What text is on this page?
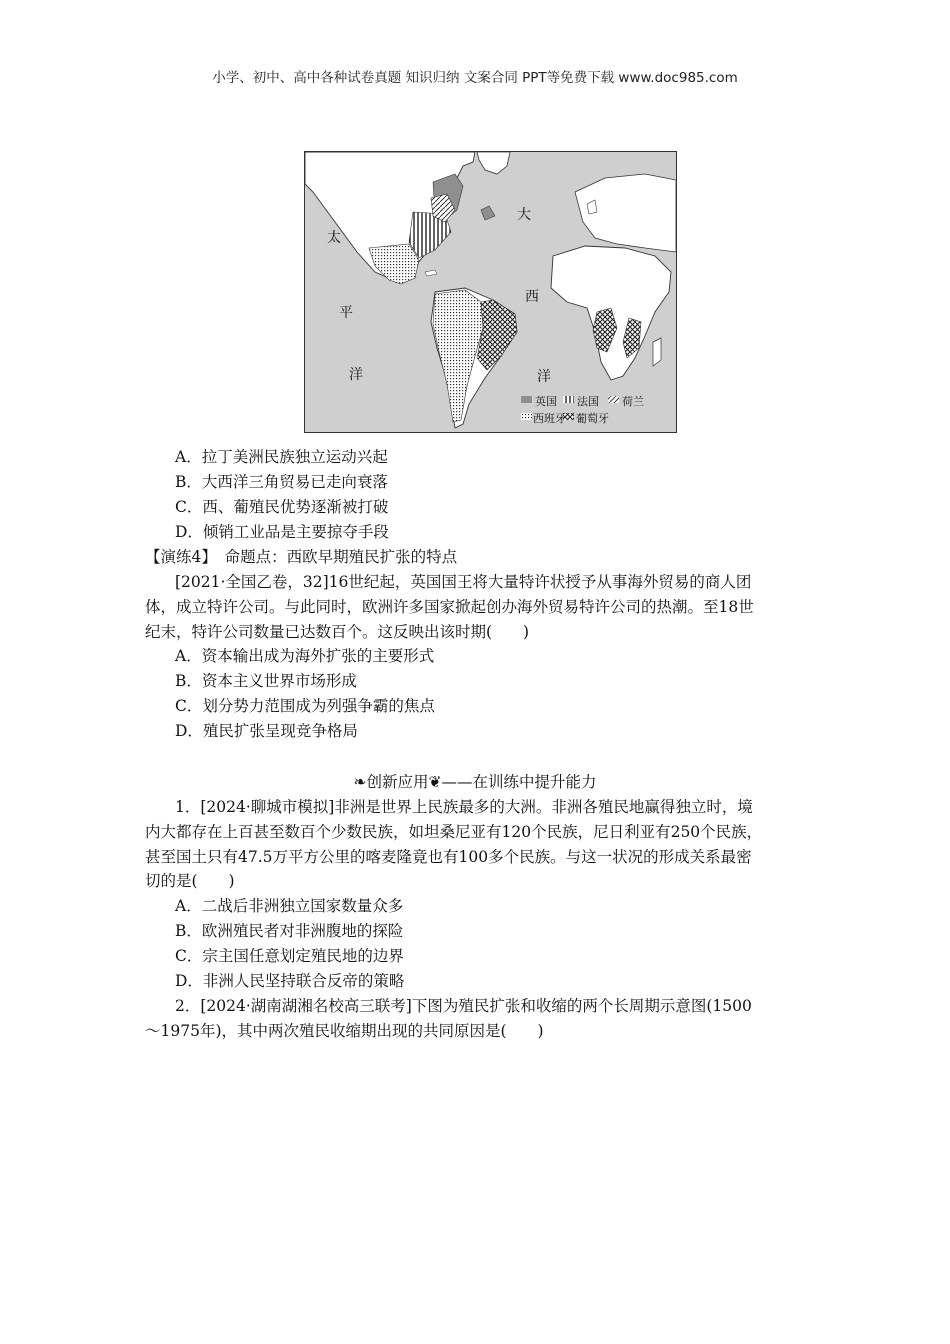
小学、初中、高中各种试卷真题 知识归纳 文案合同 PPT等免费下载 www.doc985.com
太
平
洋
大
西
洋
英国 法国 荷兰
西班牙 葡萄牙
A．拉丁美洲民族独立运动兴起
B．大西洋三角贸易已走向衰落
C．西、葡殖民优势逐渐被打破
D．倾销工业品是主要掠夺手段
【演练4】　命题点：西欧早期殖民扩张的特点
[2021·全国乙卷，32]16世纪起，英国国王将大量特许状授予从事海外贸易的商人团
体，成立特许公司。与此同时，欧洲许多国家掀起创办海外贸易特许公司的热潮。至18世
纪末，特许公司数量已达数百个。这反映出该时期(　　)
A．资本输出成为海外扩张的主要形式
B．资本主义世界市场形成
C．划分势力范围成为列强争霸的焦点
D．殖民扩张呈现竞争格局
❧创新应用❦——在训练中提升能力
1．[2024·聊城市模拟]非洲是世界上民族最多的大洲。非洲各殖民地赢得独立时，境
内大都存在上百甚至数百个少数民族，如坦桑尼亚有120个民族，尼日利亚有250个民族，
甚至国土只有47.5万平方公里的喀麦隆竟也有100多个民族。与这一状况的形成关系最密
切的是(　　)
A．二战后非洲独立国家数量众多
B．欧洲殖民者对非洲腹地的探险
C．宗主国任意划定殖民地的边界
D．非洲人民坚持联合反帝的策略
2．[2024·湖南湖湘名校高三联考]下图为殖民扩张和收缩的两个长周期示意图(1500
～1975年)，其中两次殖民收缩期出现的共同原因是(　　)
